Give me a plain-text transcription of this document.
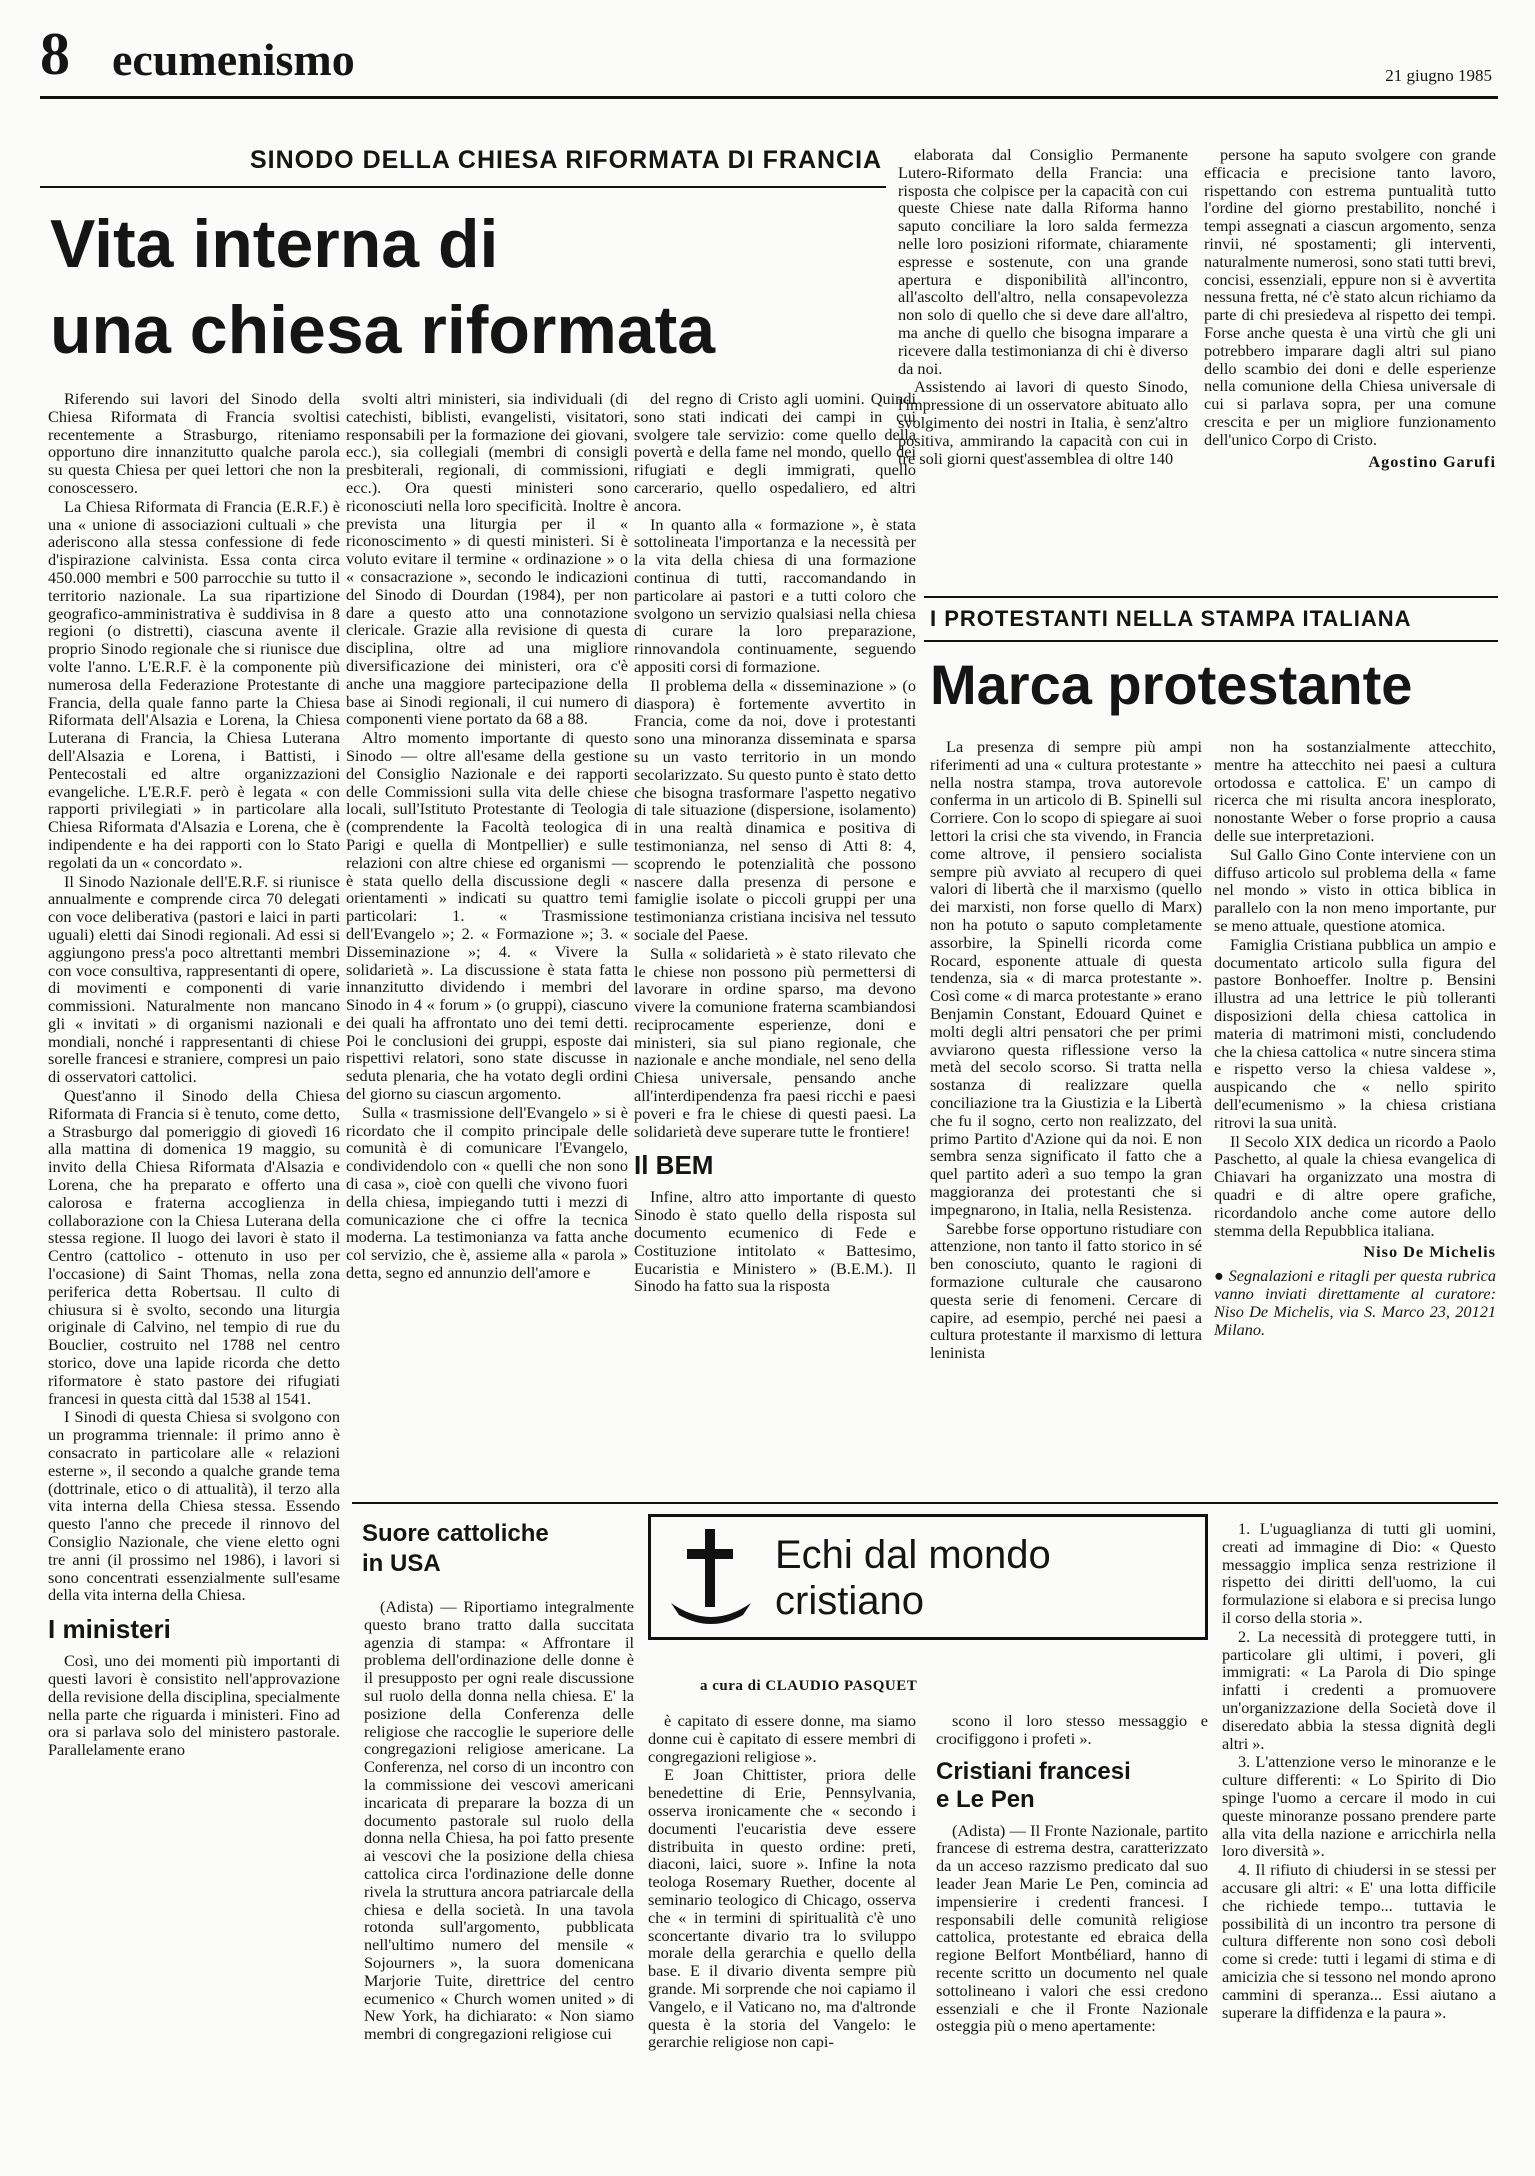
8 ecumenismo	21 giugno 1985
SINODO DELLA CHIESA RIFORMATA DI FRANCIA
Vita interna di
una chiesa riformata

Riferendo sui lavori del Sinodo della Chiesa Riformata di Francia svoltisi recentemente a Strasburgo, riteniamo opportuno dire innanzitutto qualche parola su questa Chiesa per quei lettori che non la conoscessero.

La Chiesa Riformata di Francia (E.R.F.) è una « unione di associazioni cultuali » che aderiscono alla stessa confessione di fede d'ispirazione calvinista. Essa conta circa 450.000 membri e 500 parrocchie su tutto il territorio nazionale. La sua ripartizione geografico-amministrativa è suddivisa in 8 regioni (o distretti), ciascuna avente il proprio Sinodo regionale che si riunisce due volte l'anno. L'E.R.F. è la componente più numerosa della Federazione Protestante di Francia, della quale fanno parte la Chiesa Riformata dell'Alsazia e Lorena, la Chiesa Luterana di Francia, la Chiesa Luterana dell'Alsazia e Lorena, i Battisti, i Pentecostali ed altre organizzazioni evangeliche. L'E.R.F. però è legata « con rapporti privilegiati » in particolare alla Chiesa Riformata d'Alsazia e Lorena, che è indipendente e ha dei rapporti con lo Stato regolati da un « concordato ».

Il Sinodo Nazionale dell'E.R.F. si riunisce annualmente e comprende circa 70 delegati con voce deliberativa (pastori e laici in parti uguali) eletti dai Sinodi regionali. Ad essi si aggiungono press'a poco altrettanti membri con voce consultiva, rappresentanti di opere, di movimenti e componenti di varie commissioni. Naturalmente non mancano gli « invitati » di organismi nazionali e mondiali, nonché i rappresentanti di chiese sorelle francesi e straniere, compresi un paio di osservatori cattolici.

Quest'anno il Sinodo della Chiesa Riformata di Francia si è tenuto, come detto, a Strasburgo dal pomeriggio di giovedì 16 alla mattina di domenica 19 maggio, su invito della Chiesa Riformata d'Alsazia e Lorena, che ha preparato e offerto una calorosa e fraterna accoglienza in collaborazione con la Chiesa Luterana della stessa regione. Il luogo dei lavori è stato il Centro (cattolico - ottenuto in uso per l'occasione) di Saint Thomas, nella zona periferica detta Robertsau. Il culto di chiusura si è svolto, secondo una liturgia originale di Calvino, nel tempio di rue du Bouclier, costruito nel 1788 nel centro storico, dove una lapide ricorda che detto riformatore è stato pastore dei rifugiati francesi in questa città dal 1538 al 1541.

I Sinodi di questa Chiesa si svolgono con un programma triennale: il primo anno è consacrato in particolare alle « relazioni esterne », il secondo a qualche grande tema (dottrinale, etico o di attualità), il terzo alla vita interna della Chiesa stessa. Essendo questo l'anno che precede il rinnovo del Consiglio Nazionale, che viene eletto ogni tre anni (il prossimo nel 1986), i lavori si sono concentrati essenzialmente sull'esame della vita interna della Chiesa.

I ministeri

Così, uno dei momenti più importanti di questi lavori è consistito nell'approvazione della revisione della disciplina, specialmente nella parte che riguarda i ministeri. Fino ad ora si parlava solo del ministero pastorale. Parallelamente erano

svolti altri ministeri, sia individuali (di catechisti, biblisti, evangelisti, visitatori, responsabili per la formazione dei giovani, ecc.), sia collegiali (membri di consigli presbiterali, regionali, di commissioni, ecc.). Ora questi ministeri sono riconosciuti nella loro specificità. Inoltre è prevista una liturgia per il « riconoscimento » di questi ministeri. Si è voluto evitare il termine « ordinazione » o « consacrazione », secondo le indicazioni del Sinodo di Dourdan (1984), per non dare a questo atto una connotazione clericale. Grazie alla revisione di questa disciplina, oltre ad una migliore diversificazione dei ministeri, ora c'è anche una maggiore partecipazione della base ai Sinodi regionali, il cui numero di componenti viene portato da 68 a 88.

Altro momento importante di questo Sinodo — oltre all'esame della gestione del Consiglio Nazionale e dei rapporti delle Commissioni sulla vita delle chiese locali, sull'Istituto Protestante di Teologia (comprendente la Facoltà teologica di Parigi e quella di Montpellier) e sulle relazioni con altre chiese ed organismi — è stata quello della discussione degli « orientamenti » indicati su quattro temi particolari: 1. « Trasmissione dell'Evangelo »; 2. « Formazione »; 3. « Disseminazione »; 4. « Vivere la solidarietà ». La discussione è stata fatta innanzitutto dividendo i membri del Sinodo in 4 « forum » (o gruppi), ciascuno dei quali ha affrontato uno dei temi detti. Poi le conclusioni dei gruppi, esposte dai rispettivi relatori, sono state discusse in seduta plenaria, che ha votato degli ordini del giorno su ciascun argomento.

Sulla « trasmissione dell'Evangelo » si è ricordato che il compito principale delle comunità è di comunicare l'Evangelo, condividendolo con « quelli che non sono di casa », cioè con quelli che vivono fuori della chiesa, impiegando tutti i mezzi di comunicazione che ci offre la tecnica moderna. La testimonianza va fatta anche col servizio, che è, assieme alla « parola » detta, segno ed annunzio dell'amore e

del regno di Cristo agli uomini. Quindi sono stati indicati dei campi in cui svolgere tale servizio: come quello della povertà e della fame nel mondo, quello dei rifugiati e degli immigrati, quello carcerario, quello ospedaliero, ed altri ancora.

In quanto alla « formazione », è stata sottolineata l'importanza e la necessità per la vita della chiesa di una formazione continua di tutti, raccomandando in particolare ai pastori e a tutti coloro che svolgono un servizio qualsiasi nella chiesa di curare la loro preparazione, rinnovandola continuamente, seguendo appositi corsi di formazione.

Il problema della « disseminazione » (o diaspora) è fortemente avvertito in Francia, come da noi, dove i protestanti sono una minoranza disseminata e sparsa su un vasto territorio in un mondo secolarizzato. Su questo punto è stato detto che bisogna trasformare l'aspetto negativo di tale situazione (dispersione, isolamento) in una realtà dinamica e positiva di testimonianza, nel senso di Atti 8: 4, scoprendo le potenzialità che possono nascere dalla presenza di persone e famiglie isolate o piccoli gruppi per una testimonianza cristiana incisiva nel tessuto sociale del Paese.

Sulla « solidarietà » è stato rilevato che le chiese non possono più permettersi di lavorare in ordine sparso, ma devono vivere la comunione fraterna scambiandosi reciprocamente esperienze, doni e ministeri, sia sul piano regionale, che nazionale e anche mondiale, nel seno della Chiesa universale, pensando anche all'interdipendenza fra paesi ricchi e paesi poveri e fra le chiese di questi paesi. La solidarietà deve superare tutte le frontiere!

Il BEM

Infine, altro atto importante di questo Sinodo è stato quello della risposta sul documento ecumenico di Fede e Costituzione intitolato « Battesimo, Eucaristia e Ministero » (B.E.M.). Il Sinodo ha fatto sua la risposta

elaborata dal Consiglio Permanente Lutero-Riformato della Francia: una risposta che colpisce per la capacità con cui queste Chiese nate dalla Riforma hanno saputo conciliare la loro salda fermezza nelle loro posizioni riformate, chiaramente espresse e sostenute, con una grande apertura e disponibilità all'incontro, all'ascolto dell'altro, nella consapevolezza non solo di quello che si deve dare all'altro, ma anche di quello che bisogna imparare a ricevere dalla testimonianza di chi è diverso da noi.

Assistendo ai lavori di questo Sinodo, l'impressione di un osservatore abituato allo svolgimento dei nostri in Italia, è senz'altro positiva, ammirando la capacità con cui in tre soli giorni quest'assemblea di oltre 140

persone ha saputo svolgere con grande efficacia e precisione tanto lavoro, rispettando con estrema puntualità tutto l'ordine del giorno prestabilito, nonché i tempi assegnati a ciascun argomento, senza rinvii, né spostamenti; gli interventi, naturalmente numerosi, sono stati tutti brevi, concisi, essenziali, eppure non si è avvertita nessuna fretta, né c'è stato alcun richiamo da parte di chi presiedeva al rispetto dei tempi. Forse anche questa è una virtù che gli uni potrebbero imparare dagli altri sul piano dello scambio dei doni e delle esperienze nella comunione della Chiesa universale di cui si parlava sopra, per una comune crescita e per un migliore funzionamento dell'unico Corpo di Cristo.

Agostino Garufi

I PROTESTANTI NELLA STAMPA ITALIANA
Marca protestante

La presenza di sempre più ampi riferimenti ad una « cultura protestante » nella nostra stampa, trova autorevole conferma in un articolo di B. Spinelli sul Corriere. Con lo scopo di spiegare ai suoi lettori la crisi che sta vivendo, in Francia come altrove, il pensiero socialista sempre più avviato al recupero di quei valori di libertà che il marxismo (quello dei marxisti, non forse quello di Marx) non ha potuto o saputo completamente assorbire, la Spinelli ricorda come Rocard, esponente attuale di questa tendenza, sia « di marca protestante ». Così come « di marca protestante » erano Benjamin Constant, Edouard Quinet e molti degli altri pensatori che per primi avviarono questa riflessione verso la metà del secolo scorso. Si tratta nella sostanza di realizzare quella conciliazione tra la Giustizia e la Libertà che fu il sogno, certo non realizzato, del primo Partito d'Azione qui da noi. E non sembra senza significato il fatto che a quel partito aderì a suo tempo la gran maggioranza dei protestanti che si impegnarono, in Italia, nella Resistenza.

Sarebbe forse opportuno ristudiare con attenzione, non tanto il fatto storico in sé ben conosciuto, quanto le ragioni di formazione culturale che causarono questa serie di fenomeni. Cercare di capire, ad esempio, perché nei paesi a cultura protestante il marxismo di lettura leninista

non ha sostanzialmente attecchito, mentre ha attecchito nei paesi a cultura ortodossa e cattolica. E' un campo di ricerca che mi risulta ancora inesplorato, nonostante Weber o forse proprio a causa delle sue interpretazioni.

Sul Gallo Gino Conte interviene con un diffuso articolo sul problema della « fame nel mondo » visto in ottica biblica in parallelo con la non meno importante, pur se meno attuale, questione atomica.

Famiglia Cristiana pubblica un ampio e documentato articolo sulla figura del pastore Bonhoeffer. Inoltre p. Bensini illustra ad una lettrice le più tolleranti disposizioni della chiesa cattolica in materia di matrimoni misti, concludendo che la chiesa cattolica « nutre sincera stima e rispetto verso la chiesa valdese », auspicando che « nello spirito dell'ecumenismo » la chiesa cristiana ritrovi la sua unità.

Il Secolo XIX dedica un ricordo a Paolo Paschetto, al quale la chiesa evangelica di Chiavari ha organizzato una mostra di quadri e di altre opere grafiche, ricordandolo anche come autore dello stemma della Repubblica italiana.

Niso De Michelis

● Segnalazioni e ritagli per questa rubrica vanno inviati direttamente al curatore: Niso De Michelis, via S. Marco 23, 20121 Milano.

Suore cattoliche
in USA	Echi dal mondo
cristiano
a cura di CLAUDIO PASQUET

(Adista) — Riportiamo integralmente questo brano tratto dalla succitata agenzia di stampa: « Affrontare il problema dell'ordinazione delle donne è il presupposto per ogni reale discussione sul ruolo della donna nella chiesa. E' la posizione della Conferenza delle religiose che raccoglie le superiore delle congregazioni religiose americane. La Conferenza, nel corso di un incontro con la commissione dei vescovi americani incaricata di preparare la bozza di un documento pastorale sul ruolo della donna nella Chiesa, ha poi fatto presente ai vescovi che la posizione della chiesa cattolica circa l'ordinazione delle donne rivela la struttura ancora patriarcale della chiesa e della società. In una tavola rotonda sull'argomento, pubblicata nell'ultimo numero del mensile « Sojourners », la suora domenicana Marjorie Tuite, direttrice del centro ecumenico « Church women united » di New York, ha dichiarato: « Non siamo membri di congregazioni religiose cui

è capitato di essere donne, ma siamo donne cui è capitato di essere membri di congregazioni religiose ».

E Joan Chittister, priora delle benedettine di Erie, Pennsylvania, osserva ironicamente che « secondo i documenti l'eucaristia deve essere distribuita in questo ordine: preti, diaconi, laici, suore ». Infine la nota teologa Rosemary Ruether, docente al seminario teologico di Chicago, osserva che « in termini di spiritualità c'è uno sconcertante divario tra lo sviluppo morale della gerarchia e quello della base. E il divario diventa sempre più grande. Mi sorprende che noi capiamo il Vangelo, e il Vaticano no, ma d'altronde questa è la storia del Vangelo: le gerarchie religiose non capi-

scono il loro stesso messaggio e crocifiggono i profeti ».

Cristiani francesi
e Le Pen

(Adista) — Il Fronte Nazionale, partito francese di estrema destra, caratterizzato da un acceso razzismo predicato dal suo leader Jean Marie Le Pen, comincia ad impensierire i credenti francesi. I responsabili delle comunità religiose cattolica, protestante ed ebraica della regione Belfort Montbéliard, hanno di recente scritto un documento nel quale sottolineano i valori che essi credono essenziali e che il Fronte Nazionale osteggia più o meno apertamente:

1. L'uguaglianza di tutti gli uomini, creati ad immagine di Dio: « Questo messaggio implica senza restrizione il rispetto dei diritti dell'uomo, la cui formulazione si elabora e si precisa lungo il corso della storia ».

2. La necessità di proteggere tutti, in particolare gli ultimi, i poveri, gli immigrati: « La Parola di Dio spinge infatti i credenti a promuovere un'organizzazione della Società dove il diseredato abbia la stessa dignità degli altri ».

3. L'attenzione verso le minoranze e le culture differenti: « Lo Spirito di Dio spinge l'uomo a cercare il modo in cui queste minoranze possano prendere parte alla vita della nazione e arricchirla nella loro diversità ».

4. Il rifiuto di chiudersi in se stessi per accusare gli altri: « E' una lotta difficile che richiede tempo... tuttavia le possibilità di un incontro tra persone di cultura differente non sono così deboli come si crede: tutti i legami di stima e di amicizia che si tessono nel mondo aprono cammini di speranza... Essi aiutano a superare la diffidenza e la paura ».
